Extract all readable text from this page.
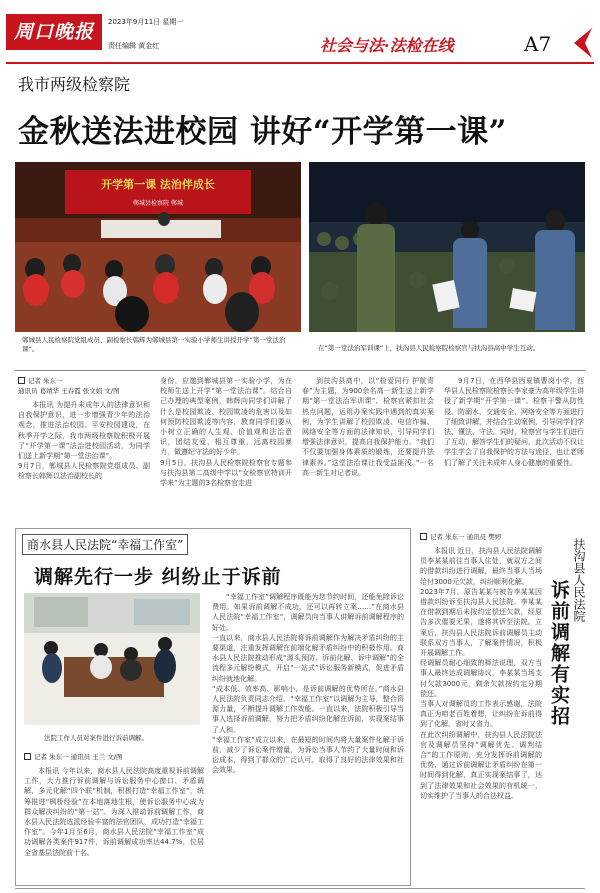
周口晚报	2023年9月11日 星期一
责任编辑 黄金红	社会与法·法检在线	A7
我市两级检察院
金秋送法进校园 讲好“开学第一课”
开学第一课 法治伴成长
郸城县检察院 郸城
郸城县人民检察院党组成员、副检察长韩辉为郸城县第一实验小学师生讲授开学“第一堂法治课”。	在“第一堂法治军训课”上，扶沟县人民检察院检察官与扶沟县高中学生互动。
记者 朱东一
通讯员 葛靖华 王春霞 张文娟 文/图
本报讯 为提升未成年人的法律意识和自我保护意识，进一步增强青少年的法治观念，推进法治校园、平安校园建设，在秋季开学之际，我市两级检察院积极开展了“开学第一课”法治进校园活动，为同学们送上新学期“第一堂法治课”。
9月7日，郸城县人民检察院党组成员、副检察长韩辉以法治副校长的
身份，应邀到郸城县第一实验小学，为在校师生送上开学“第一堂法治课”。结合自己办理的典型案例，韩辉向同学们讲解了什么是校园欺凌、校园欺凌的危害以及如何预防校园欺凌等内容，教育同学们要从小树立正确的人生观、价值观和法治意识，团结友爱、相互尊重，远离校园暴力，做遵纪守法的好少年。
9月5日，扶沟县人民检察院检察官专题参与扶沟县第二高级中学以“女检察官特训开学来”为主题的3名检察官走进
到扶沟县高中，以“检爱同行 护航青春”为主题，为900余名高一新生送上新学期“第一堂法治军训课”。检察官紧扣社会热点问题，运用办案实践中遇到的真实案例，为学生讲解了校园欺凌、电信诈骗、网络安全等方面的法律知识，引导同学们增强法律意识，提高自我保护能力。“我们不仅要加强身体素质的锻炼，还要提升法律素养。”这堂法治课让我受益匪浅。”一名高一新生对记者说。
9月7日，在西华县西夏镇曹岗小学，西华县人民检察院检察长李家豪为高年级学生讲授了新学期“开学第一课”。检察干警从防性侵、防溺水、交通安全、网络安全等方面进行了细致讲解，并结合生动案例，引导同学们学法、懂法、守法。同时，检察官与学生们进行了互动，解答学生们的疑问，此次活动不仅让学生学会了自我保护的方法与途径，也让老师们了解了关注未成年人身心健康的重要性。
商水县人民法院“幸福工作室”
调解先行一步 纠纷止于诉前
法院工作人员对案件进行诉前调解。
“幸福工作室”调解程序既能为您节约时间，还能免除诉讼费用。如果诉前调解不成功，还可以再转立案……”在商水县人民法院“幸福工作室”，调解员向当事人讲解诉前调解程序的好处。
一直以来，商水县人民法院将诉前调解作为解决矛盾纠纷的主要渠道，注重发挥调解在前端化解矛盾纠纷中的积极作用。商水县人民法院推动形成“源头预防、诉前化解、诉中调解”的全流程多元解纷模式，开启“一站式”诉讼服务新模式，促进矛盾纠纷就地化解。
“成本低、效率高、影响小，是诉前调解的优势所在。”商水县人民法院负责同志介绍，“幸福工作室”以调解为主导，整合资源力量，不断提升调解工作效能。一直以来，法院积极引导当事人选择诉前调解，努力把矛盾纠纷化解在诉前，实现案结事了人和。
“幸福工作室”成立以来，在最短的时间内将大量案件化解于诉前，减少了诉讼案件增量，为诉讼当事人节约了大量时间和诉讼成本，得到了群众的广泛认可，取得了良好的法律效果和社会效果。
记者 朱东一 通讯员 王兰 文/图
本报讯 今年以来，商水县人民法院高度重视诉前调解工作，大力推行诉前调解与诉讼服务中心窗口、矛盾调解、多元化解“四个联”机制，积极打造“幸福工作室”，统筹推进“枫桥经验”在本地落地生根，使诉讼服务中心成为群众解决纠纷的“第一站”。为深入推动诉前调解工作，商水县人民法院选派经验丰富的法官团队，成功打造“幸福工作室”。今年1月至6月，商水县人民法院“幸福工作室”成功调解各类案件917件，诉前调解成功率达44.7%，位居全省基层法院前十名。
记者 朱东一 通讯员 樊婷
扶沟县人民法院
诉前调解有实招
本报讯 近日，扶沟县人民法院调解员李某某前往当事人住处，就双方之间的借款纠纷进行调解，最终当事人当场给付3000元欠款，纠纷顺利化解。
2023年7月，原告某某与被告李某某因借款纠纷诉至扶沟县人民法院。李某某在借款到期后未按约定偿还欠款，经原告多次催要无果，遂将其诉至法院。立案后，扶沟县人民法院诉前调解员主动联系双方当事人，了解案件情况，积极开展调解工作。
经调解员耐心细致的释法说理，双方当事人最终达成调解协议，李某某当场支付欠款3000元，剩余欠款按约定分期偿还。
当事人对调解员的工作表示感谢，法院真正为咱老百姓着想，让纠纷在诉前得到了化解，省时又省力。
在此次纠纷调解中，扶沟县人民法院法官及调解员坚持“调解优先、调判结合”的工作原则，充分发挥诉前调解的优势，通过诉前调解让矛盾纠纷在第一时间得到化解，真正实现案结事了，达到了法律效果和社会效果的有机统一，切实维护了当事人的合法权益。
